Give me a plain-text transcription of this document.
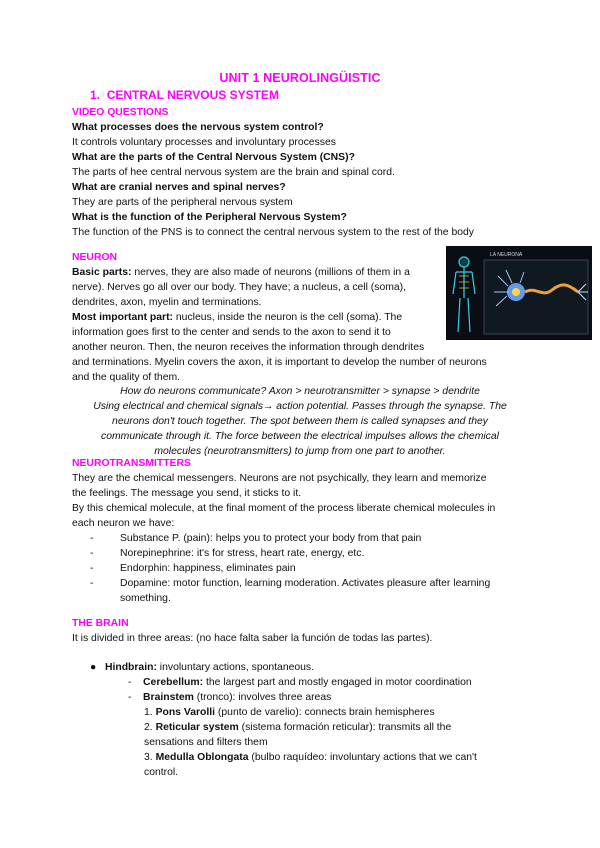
UNIT 1 NEUROLINGÜISTIC
1. CENTRAL NERVOUS SYSTEM
VIDEO QUESTIONS
What processes does the nervous system control?
It controls voluntary processes and involuntary processes
What are the parts of the Central Nervous System (CNS)?
The parts of hee central nervous system are the brain and spinal cord.
What are cranial nerves and spinal nerves?
They are parts of the peripheral nervous system
What is the function of the Peripheral Nervous System?
The function of the PNS is to connect the central nervous system to the rest of the body
NEURON
Basic parts: nerves, they are also made of neurons (millions of them in a
nerve). Nerves go all over our body. They have; a nucleus, a cell (soma),
dendrites, axon, myelin and terminations.
Most important part: nucleus, inside the neuron is the cell (soma). The
information goes first to the center and sends to the axon to send it to
another neuron. Then, the neuron receives the information through dendrites
and terminations. Myelin covers the axon, it is important to develop the number of neurons
and the quality of them.
How do neurons communicate? Axon > neurotransmitter > synapse > dendrite
Using electrical and chemical signals→ action potential. Passes through the synapse. The
neurons don't touch together. The spot between them is called synapses and they
communicate through it. The force between the electrical impulses allows the chemical
molecules (neurotransmitters) to jump from one part to another.
LA NEURONA
NEUROTRANSMITTERS
They are the chemical messengers. Neurons are not psychically, they learn and memorize
the feelings. The message you send, it sticks to it.
By this chemical molecule, at the final moment of the process liberate chemical molecules in
each neuron we have:
- Substance P. (pain): helps you to protect your body from that pain
- Norepinephrine: it's for stress, heart rate, energy, etc.
- Endorphin: happiness, eliminates pain
- Dopamine: motor function, learning moderation. Activates pleasure after learning
something.
THE BRAIN
It is divided in three areas: (no hace falta saber la función de todas las partes).
● Hindbrain: involuntary actions, spontaneous.
- Cerebellum: the largest part and mostly engaged in motor coordination
- Brainstem (tronco): involves three areas
1. Pons Varolli (punto de varelio): connects brain hemispheres
2. Reticular system (sistema formación reticular): transmits all the
sensations and filters them
3. Medulla Oblongata (bulbo raquídeo: involuntary actions that we can't
control.
